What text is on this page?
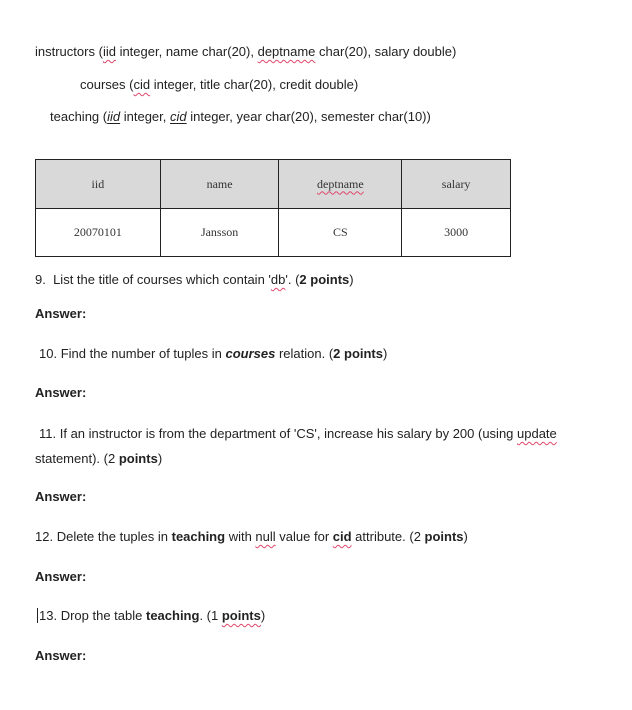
instructors (iid integer, name char(20), deptname char(20), salary double)
courses (cid integer, title char(20), credit double)
teaching (iid integer, cid integer, year char(20), semester char(10))
iid	name	deptname	salary
20070101	Jansson	CS	3000
9. List the title of courses which contain 'db'. (2 points)
Answer:
10. Find the number of tuples in courses relation. (2 points)
Answer:
11. If an instructor is from the department of 'CS', increase his salary by 200 (using update
statement). (2 points)
Answer:
12. Delete the tuples in teaching with null value for cid attribute. (2 points)
Answer:
13. Drop the table teaching. (1 points)
Answer:
